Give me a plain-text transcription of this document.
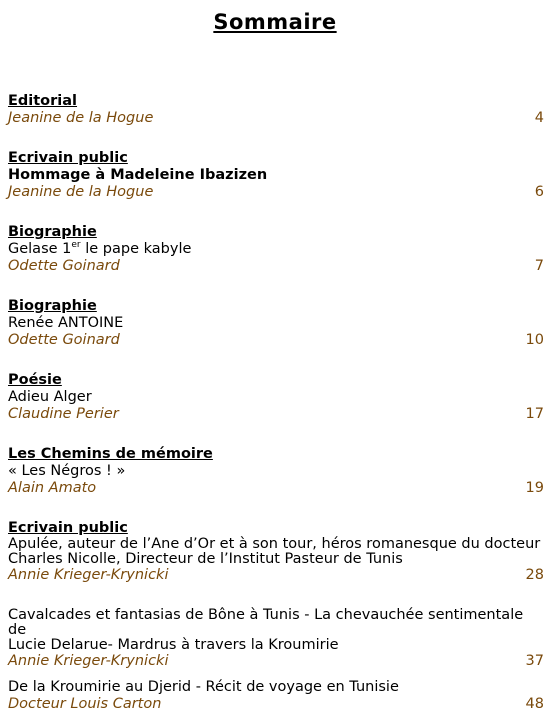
Sommaire
Editorial
Jeanine de la Hogue	4
Ecrivain public
Hommage à Madeleine Ibazizen
Jeanine de la Hogue	6
Biographie
Gelase 1er le pape kabyle
Odette Goinard	7
Biographie
Renée ANTOINE
Odette Goinard	10
Poésie
Adieu Alger
Claudine Perier	17
Les Chemins de mémoire
« Les Négros ! »
Alain Amato	19
Ecrivain public
Apulée, auteur de l’Ane d’Or et à son tour, héros romanesque du docteur
Charles Nicolle, Directeur de l’Institut Pasteur de Tunis
Annie Krieger-Krynicki	28
Cavalcades et fantasias de Bône à Tunis - La chevauchée sentimentale de
Lucie Delarue- Mardrus à travers la Kroumirie
Annie Krieger-Krynicki	37
De la Kroumirie au Djerid - Récit de voyage en Tunisie
Docteur Louis Carton	48
